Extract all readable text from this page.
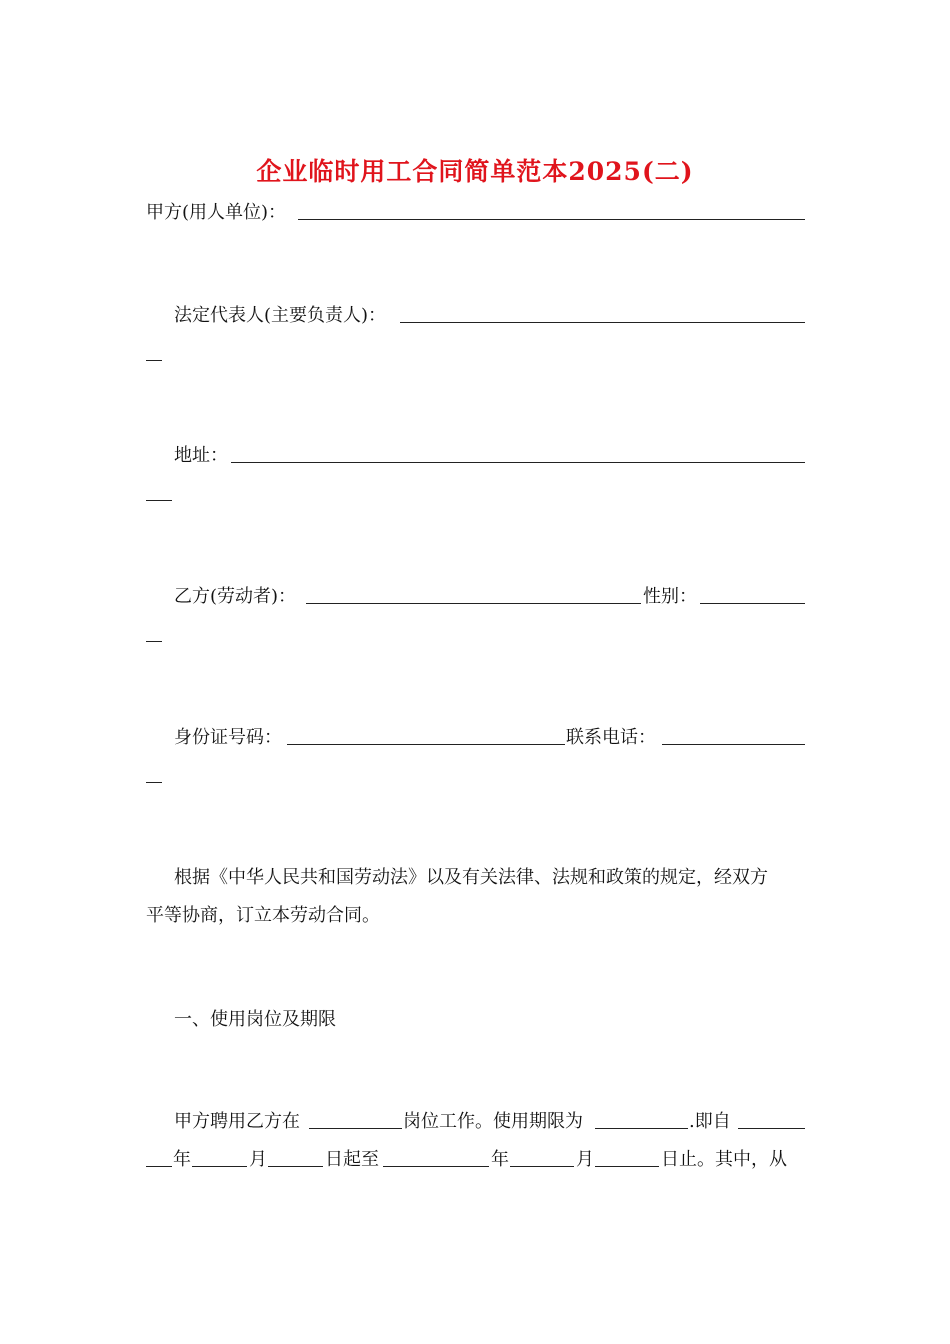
企业临时用工合同简单范本2025(二)
甲方(用人单位)：
法定代表人(主要负责人)：
地址：
乙方(劳动者)：	性别：
身份证号码：	联系电话：
根据《中华人民共和国劳动法》以及有关法律、法规和政策的规定，经双方
平等协商，订立本劳动合同。
一、使用岗位及期限
甲方聘用乙方在	岗位工作。使用期限为	.即自
年	月	日起至	年	月	日止。其中，从
